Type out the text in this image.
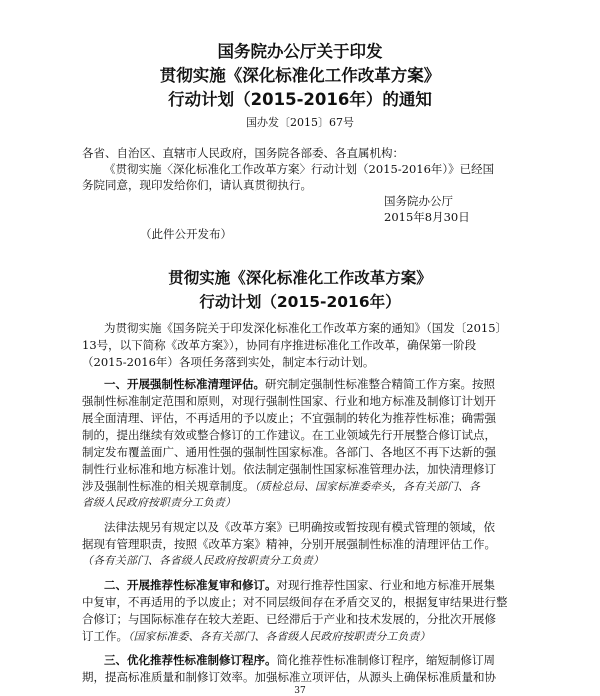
国务院办公厅关于印发
贯彻实施《深化标准化工作改革方案》
行动计划（2015-2016年）的通知
国办发〔2015〕67号
各省、自治区、直辖市人民政府，国务院各部委、各直属机构：
《贯彻实施〈深化标准化工作改革方案〉行动计划（2015-2016年）》已经国
务院同意，现印发给你们，请认真贯彻执行。
国务院办公厅
2015年8月30日
（此件公开发布）
贯彻实施《深化标准化工作改革方案》
行动计划（2015-2016年）
为贯彻实施《国务院关于印发深化标准化工作改革方案的通知》（国发〔2015〕
13号，以下简称《改革方案》），协同有序推进标准化工作改革，确保第一阶段
（2015-2016年）各项任务落到实处，制定本行动计划。
一、开展强制性标准清理评估。研究制定强制性标准整合精简工作方案。按照
强制性标准制定范围和原则，对现行强制性国家、行业和地方标准及制修订计划开
展全面清理、评估，不再适用的予以废止；不宜强制的转化为推荐性标准；确需强
制的，提出继续有效或整合修订的工作建议。在工业领域先行开展整合修订试点，
制定发布覆盖面广、通用性强的强制性国家标准。各部门、各地区不再下达新的强
制性行业标准和地方标准计划。依法制定强制性国家标准管理办法，加快清理修订
涉及强制性标准的相关规章制度。（质检总局、国家标准委牵头，各有关部门、各
省级人民政府按职责分工负责）
法律法规另有规定以及《改革方案》已明确按或暂按现有模式管理的领域，依
据现有管理职责，按照《改革方案》精神，分别开展强制性标准的清理评估工作。
（各有关部门、各省级人民政府按职责分工负责）
二、开展推荐性标准复审和修订。对现行推荐性国家、行业和地方标准开展集
中复审，不再适用的予以废止；对不同层级间存在矛盾交叉的，根据复审结果进行整
合修订；与国际标准存在较大差距、已经滞后于产业和技术发展的，分批次开展修
订工作。（国家标准委、各有关部门、各省级人民政府按职责分工负责）
三、优化推荐性标准制修订程序。简化推荐性标准制修订程序，缩短制修订周
期，提高标准质量和制修订效率。加强标准立项评估，从源头上确保标准质量和协
37
